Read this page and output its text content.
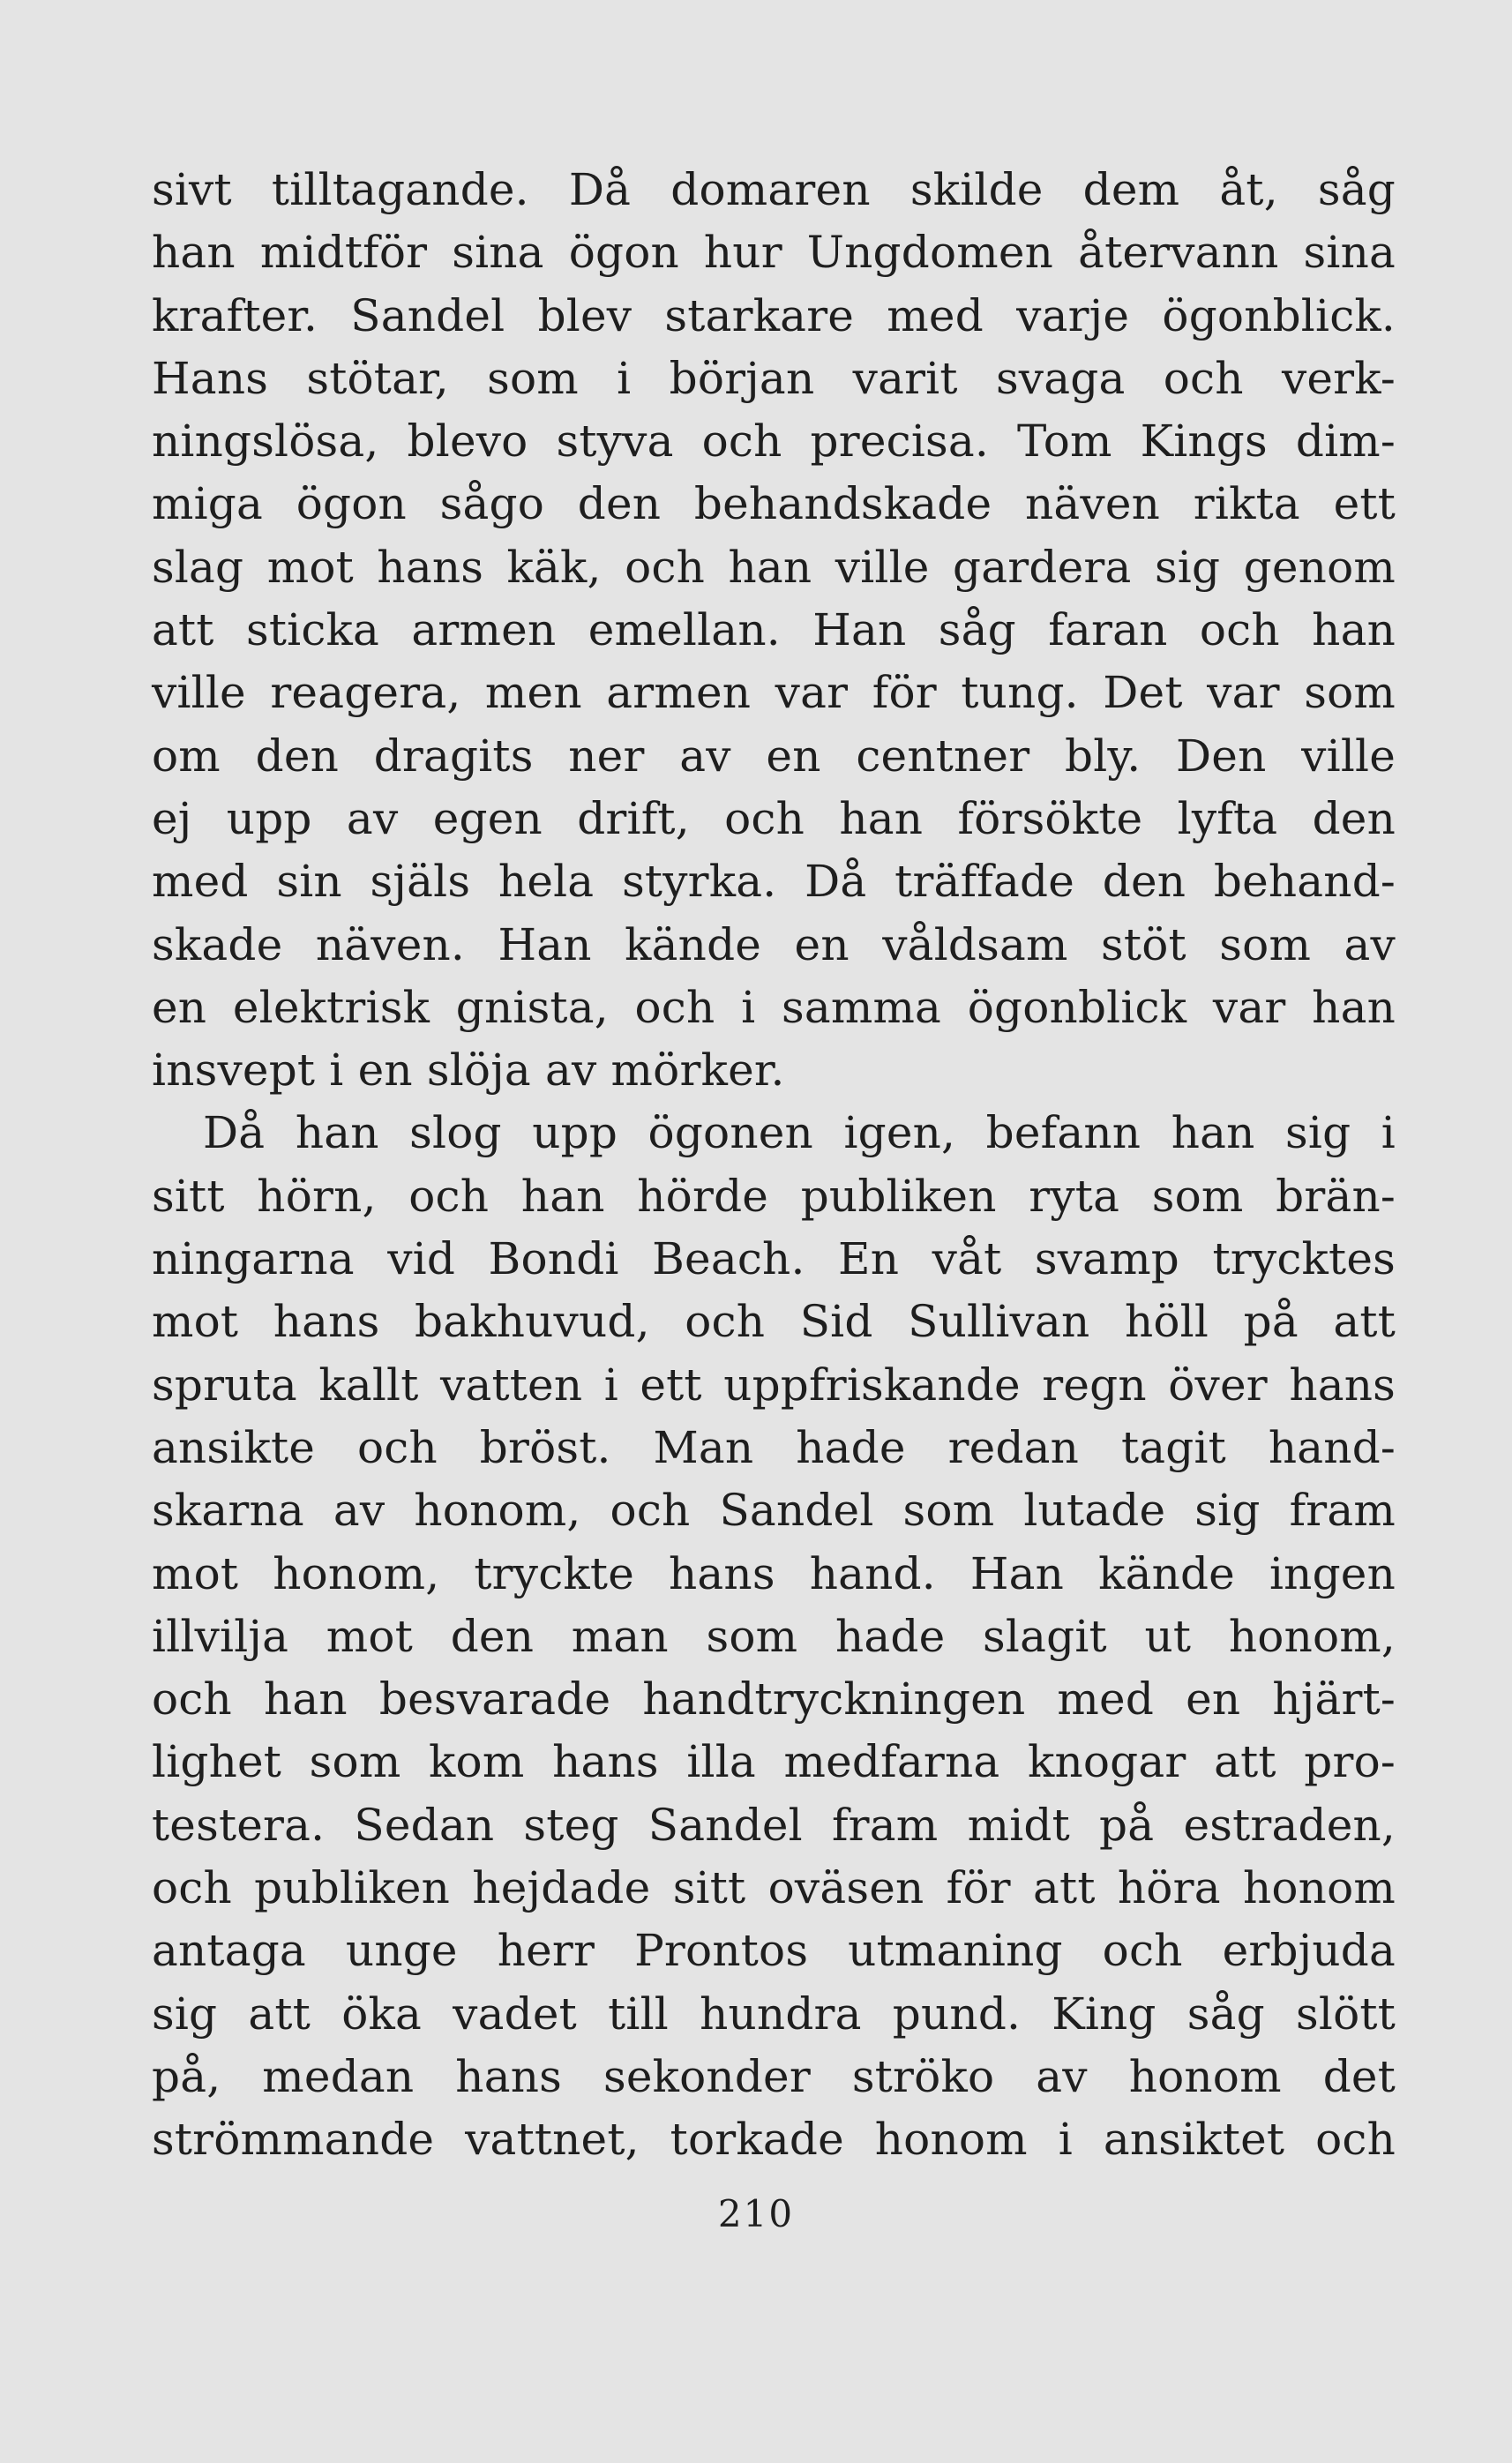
sivt tilltagande. Då domaren skilde dem åt, såg
han midtför sina ögon hur Ungdomen återvann sina
krafter. Sandel blev starkare med varje ögonblick.
Hans stötar, som i början varit svaga och verk-
ningslösa, blevo styva och precisa. Tom Kings dim-
miga ögon sågo den behandskade näven rikta ett
slag mot hans käk, och han ville gardera sig genom
att sticka armen emellan. Han såg faran och han
ville reagera, men armen var för tung. Det var som
om den dragits ner av en centner bly. Den ville
ej upp av egen drift, och han försökte lyfta den
med sin själs hela styrka. Då träffade den behand-
skade näven. Han kände en våldsam stöt som av
en elektrisk gnista, och i samma ögonblick var han
insvept i en slöja av mörker.
Då han slog upp ögonen igen, befann han sig i
sitt hörn, och han hörde publiken ryta som brän-
ningarna vid Bondi Beach. En våt svamp trycktes
mot hans bakhuvud, och Sid Sullivan höll på att
spruta kallt vatten i ett uppfriskande regn över hans
ansikte och bröst. Man hade redan tagit hand-
skarna av honom, och Sandel som lutade sig fram
mot honom, tryckte hans hand. Han kände ingen
illvilja mot den man som hade slagit ut honom,
och han besvarade handtryckningen med en hjärt-
lighet som kom hans illa medfarna knogar att pro-
testera. Sedan steg Sandel fram midt på estraden,
och publiken hejdade sitt oväsen för att höra honom
antaga unge herr Prontos utmaning och erbjuda
sig att öka vadet till hundra pund. King såg slött
på, medan hans sekonder ströko av honom det
strömmande vattnet, torkade honom i ansiktet och
210
